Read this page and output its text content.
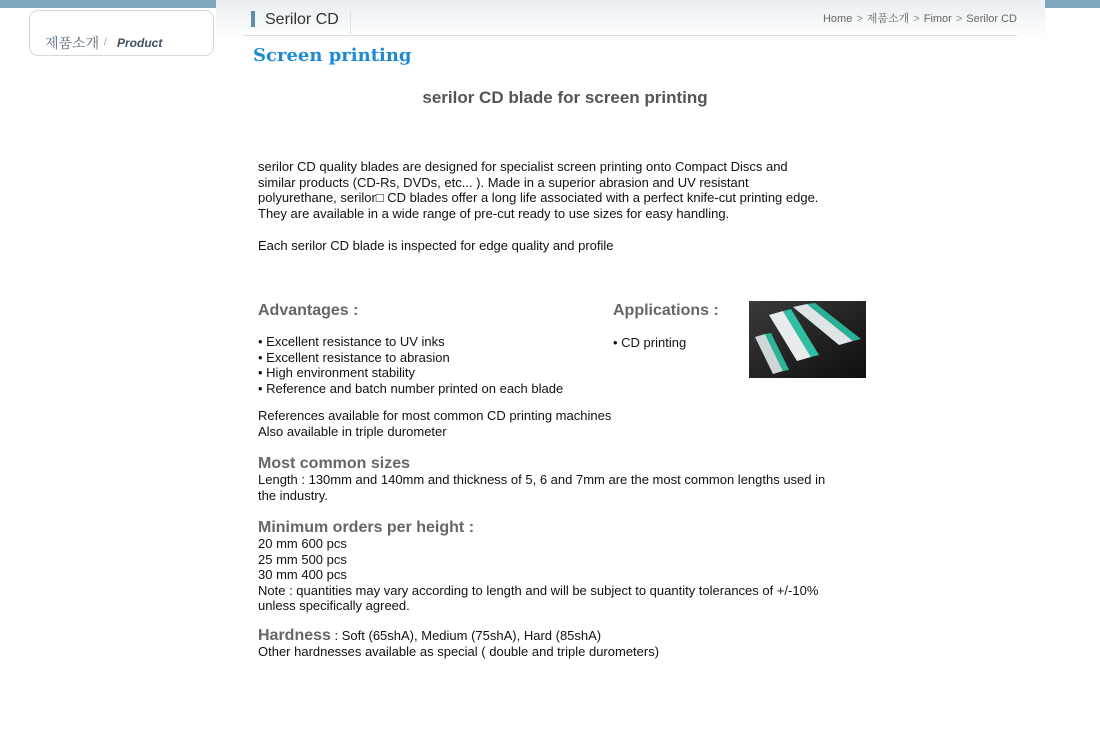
제품소개 / Product
Serilor CD	Home > 제품소개 > Fimor > Serilor CD
Screen printing
serilor CD blade for screen printing
serilor CD quality blades are designed for specialist screen printing onto Compact Discs and
similar products (CD-Rs, DVDs, etc... ). Made in a superior abrasion and UV resistant
polyurethane, serilor□ CD blades offer a long life associated with a perfect knife-cut printing edge.
They are available in a wide range of pre-cut ready to use sizes for easy handling.
Each serilor CD blade is inspected for edge quality and profile
Advantages :
• Excellent resistance to UV inks
• Excellent resistance to abrasion
• High environment stability
• Reference and batch number printed on each blade
Applications :
• CD printing
References available for most common CD printing machines
Also available in triple durometer
Most common sizes
Length : 130mm and 140mm and thickness of 5, 6 and 7mm are the most common lengths used in
the industry.
Minimum orders per height :
20 mm 600 pcs
25 mm 500 pcs
30 mm 400 pcs
Note : quantities may vary according to length and will be subject to quantity tolerances of +/-10%
unless specifically agreed.
Hardness : Soft (65shA), Medium (75shA), Hard (85shA)
Other hardnesses available as special ( double and triple durometers)
